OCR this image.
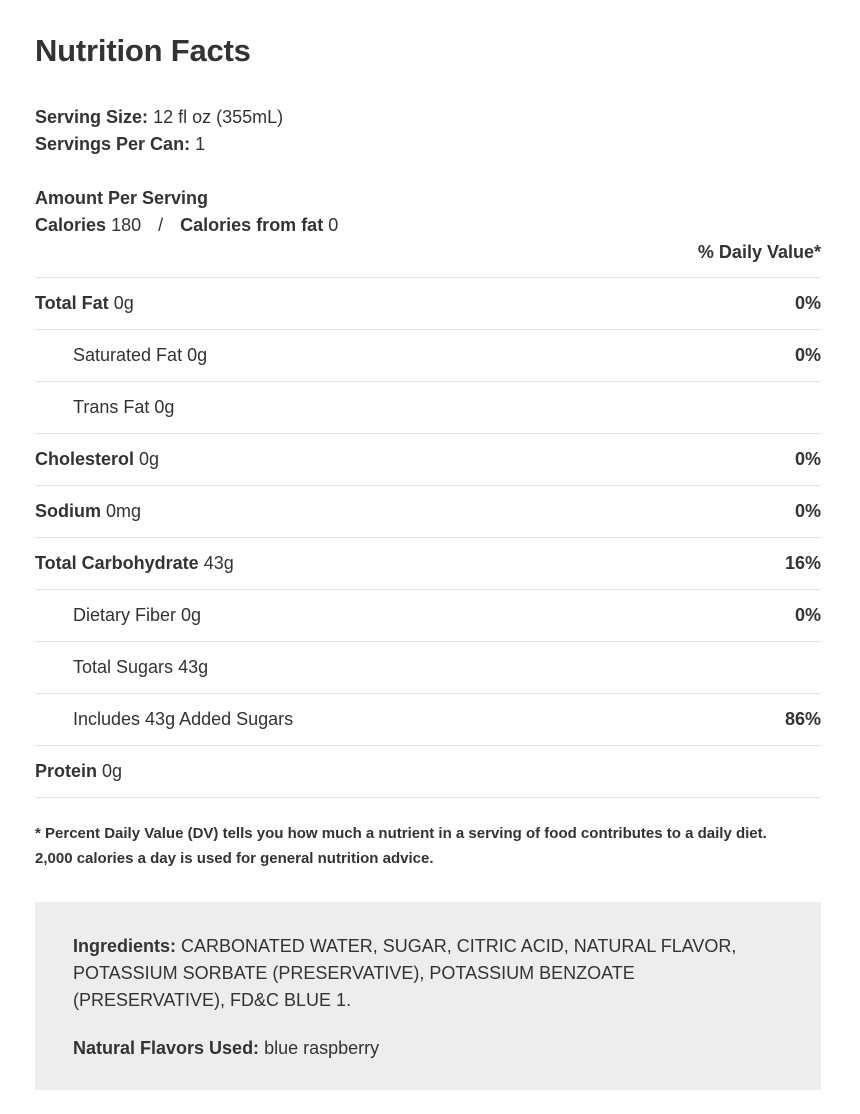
Nutrition Facts
Serving Size: 12 fl oz (355mL)
Servings Per Can: 1
Amount Per Serving
Calories 180 / Calories from fat 0
% Daily Value*
Total Fat 0g	0%
Saturated Fat 0g	0%
Trans Fat 0g
Cholesterol 0g	0%
Sodium 0mg	0%
Total Carbohydrate 43g	16%
Dietary Fiber 0g	0%
Total Sugars 43g
Includes 43g Added Sugars	86%
Protein 0g
* Percent Daily Value (DV) tells you how much a nutrient in a serving of food contributes to a daily diet.
2,000 calories a day is used for general nutrition advice.

Ingredients: CARBONATED WATER, SUGAR, CITRIC ACID, NATURAL FLAVOR, POTASSIUM SORBATE (PRESERVATIVE), POTASSIUM BENZOATE (PRESERVATIVE), FD&C BLUE 1.

Natural Flavors Used: blue raspberry
